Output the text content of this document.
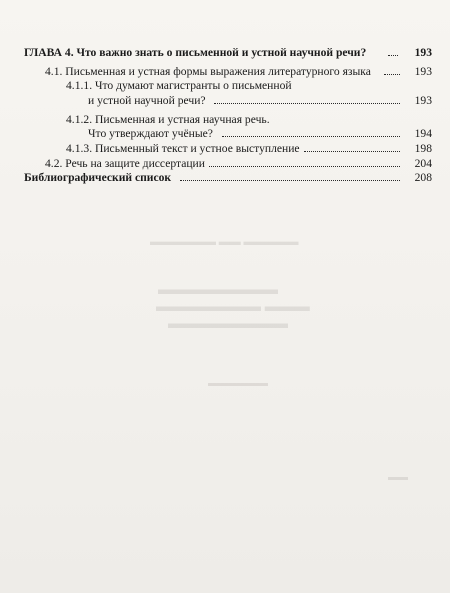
▬▬▬▬▬ ▬▬ ▬▬▬▬▬▬
▬▬▬▬▬▬▬▬
▬▬▬ ▬▬▬▬▬▬▬
▬▬▬▬▬▬▬▬
▬▬▬▬▬▬
▬▬
ГЛАВА 4. Что важно знать о письменной и устной научной речи?	193
4.1. Письменная и устная формы выражения литературного языка	193
4.1.1. Что думают магистранты о письменной
и устной научной речи?	193
4.1.2. Письменная и устная научная речь.
Что утверждают учёные?	194
4.1.3. Письменный текст и устное выступление	198
4.2. Речь на защите диссертации	204
Библиографический список	208
